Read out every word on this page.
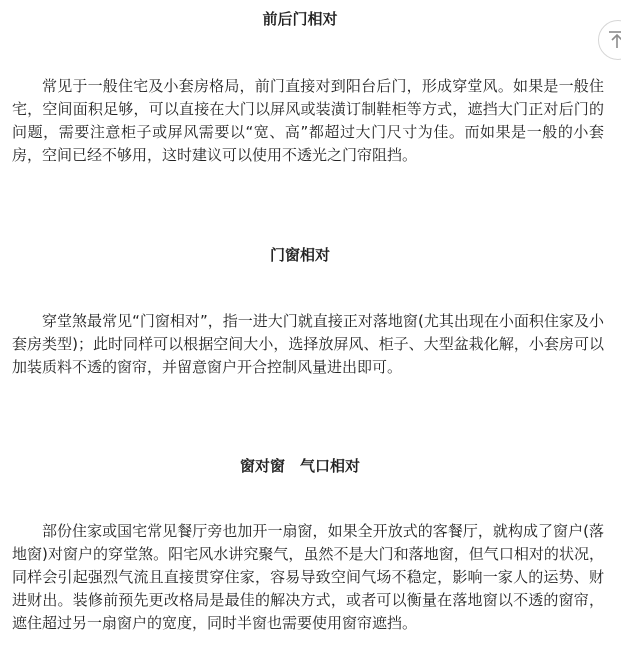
前后门相对

常见于一般住宅及小套房格局，前门直接对到阳台后门，形成穿堂风。如果是一般住宅，空间面积足够，可以直接在大门以屏风或装潢订制鞋柜等方式，遮挡大门正对后门的问题，需要注意柜子或屏风需要以“宽、高”都超过大门尺寸为佳。而如果是一般的小套房，空间已经不够用，这时建议可以使用不透光之门帘阻挡。

门窗相对

穿堂煞最常见“门窗相对”，指一进大门就直接正对落地窗(尤其出现在小面积住家及小套房类型)；此时同样可以根据空间大小，选择放屏风、柜子、大型盆栽化解，小套房可以加装质料不透的窗帘，并留意窗户开合控制风量进出即可。

窗对窗　气口相对

部份住家或国宅常见餐厅旁也加开一扇窗，如果全开放式的客餐厅，就构成了窗户(落地窗)对窗户的穿堂煞。阳宅风水讲究聚气，虽然不是大门和落地窗，但气口相对的状况，同样会引起强烈气流且直接贯穿住家，容易导致空间气场不稳定，影响一家人的运势、财进财出。装修前预先更改格局是最佳的解决方式，或者可以衡量在落地窗以不透的窗帘，遮住超过另一扇窗户的宽度，同时半窗也需要使用窗帘遮挡。
